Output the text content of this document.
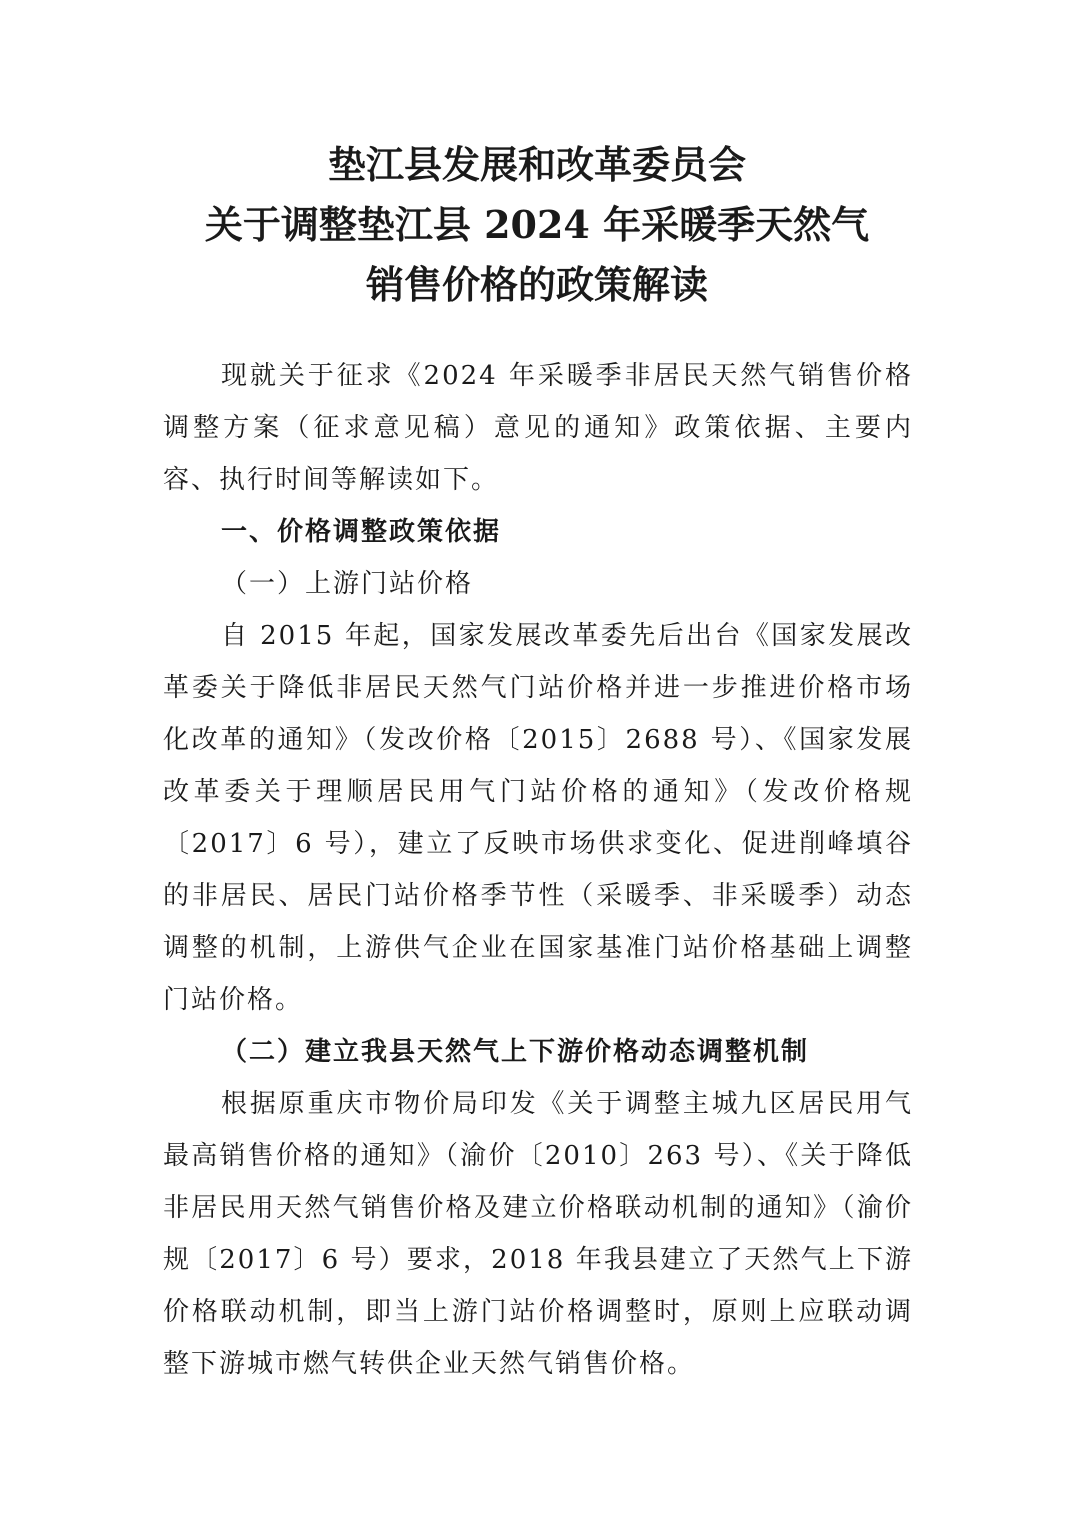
垫江县发展和改革委员会
关于调整垫江县 2024 年采暖季天然气
销售价格的政策解读

现就关于征求《2024 年采暖季非居民天然气销售价格调整方案（征求意见稿）意见的通知》政策依据、主要内容、执行时间等解读如下。

一、价格调整政策依据

（一）上游门站价格

自 2015 年起，国家发展改革委先后出台《国家发展改革委关于降低非居民天然气门站价格并进一步推进价格市场化改革的通知》（发改价格〔2015〕2688 号）、《国家发展改革委关于理顺居民用气门站价格的通知》（发改价格规〔2017〕6 号），建立了反映市场供求变化、促进削峰填谷的非居民、居民门站价格季节性（采暖季、非采暖季）动态调整的机制，上游供气企业在国家基准门站价格基础上调整门站价格。

（二）建立我县天然气上下游价格动态调整机制

根据原重庆市物价局印发《关于调整主城九区居民用气最高销售价格的通知》（渝价〔2010〕263 号）、《关于降低非居民用天然气销售价格及建立价格联动机制的通知》（渝价规〔2017〕6 号）要求，2018 年我县建立了天然气上下游价格联动机制，即当上游门站价格调整时，原则上应联动调整下游城市燃气转供企业天然气销售价格。
